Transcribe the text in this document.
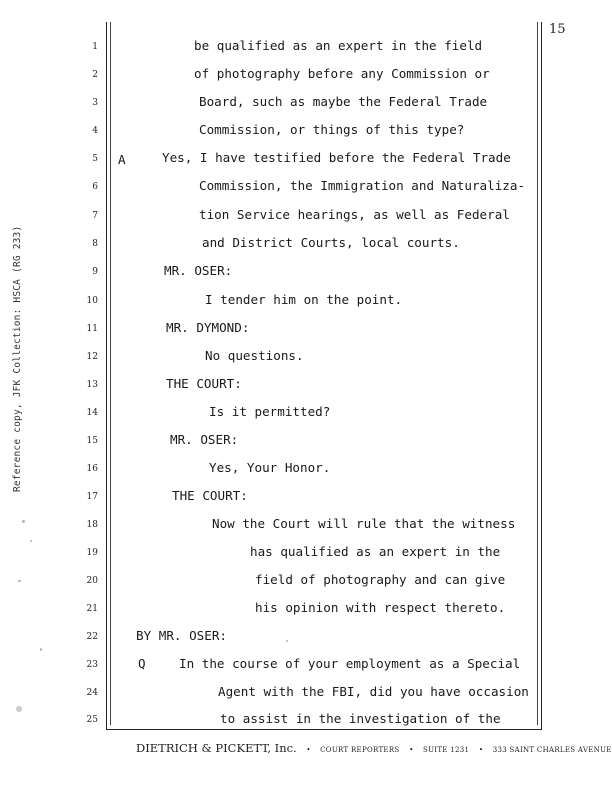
15
Reference copy, JFK Collection: HSCA (RG 233)
1
2
3
4
5
6
7
8
9
10
11
12
13
14
15
16
17
18
19
20
21
22
23
24
25
A
Q
be qualified as an expert in the field
of photography before any Commission or
Board, such as maybe the Federal Trade
Commission, or things of this type?
Yes, I have testified before the Federal Trade
Commission, the Immigration and Naturaliza-
tion Service hearings, as well as Federal
and District Courts, local courts.
MR. OSER:
I tender him on the point.
MR. DYMOND:
No questions.
THE COURT:
Is it permitted?
MR. OSER:
Yes, Your Honor.
THE COURT:
Now the Court will rule that the witness
has qualified as an expert in the
field of photography and can give
his opinion with respect thereto.
BY MR. OSER:
In the course of your employment as a Special
Agent with the FBI, did you have occasion
to assist in the investigation of the
DIETRICH & PICKETT, Inc. • COURT REPORTERS • SUITE 1231 • 333 SAINT CHARLES AVENUE
